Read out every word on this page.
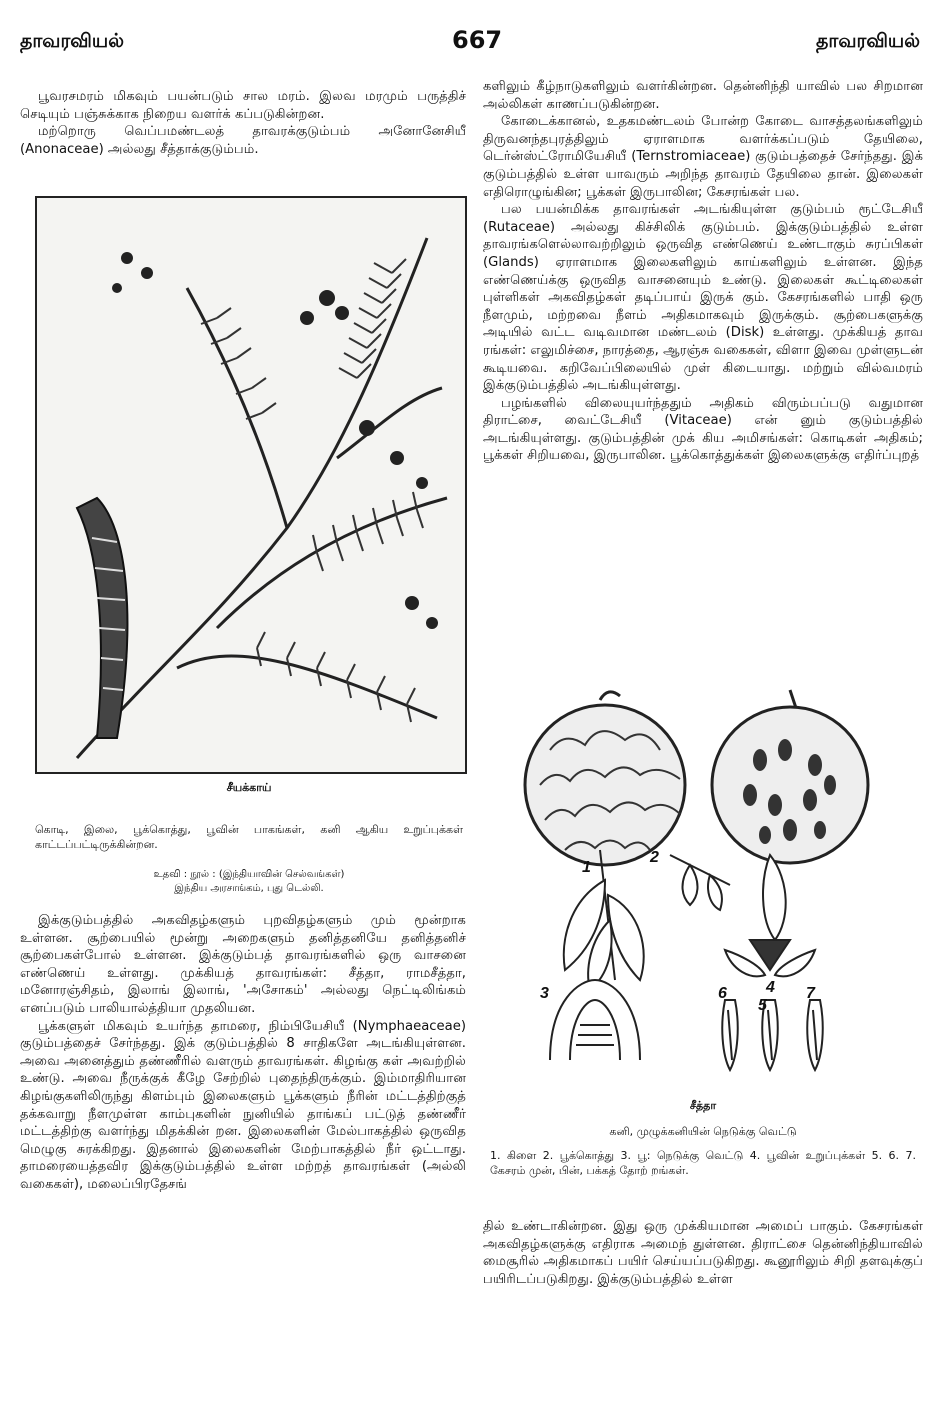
தாவரவியல்	667	தாவரவியல்

பூவரசமரம் மிகவும் பயன்படும் சால மரம். இலவ மரமும் பருத்திச் செடியும் பஞ்சுக்காக நிறைய வளர்க் கப்படுகின்றன.

மற்றொரு வெப்பமண்டலத் தாவரக்குடும்பம் அனோனேசியீ (Anonaceae) அல்லது சீத்தாக்குடும்பம்.

சீயக்காய்
கொடி, இலை, பூக்கொத்து, பூவின் பாகங்கள், கனி ஆகிய உறுப்புக்கள் காட்டப்பட்டிருக்கின்றன.
உதவி : நூல் : (இந்தியாவின் செல்வங்கள்)
இந்திய அரசாங்கம், புது டெல்லி.

இக்குடும்பத்தில் அகவிதழ்களும் புறவிதழ்களும் மும் மூன்றாக உள்ளன. சூற்பையில் மூன்று அறைகளும் தனித்தனியே தனித்தனிச் சூற்பைகள்போல் உள்ளன. இக்குடும்பத் தாவரங்களில் ஒரு வாசனை எண்ணெய் உள்ளது. முக்கியத் தாவரங்கள்: சீத்தா, ராமசீத்தா, மனோரஞ்சிதம், இலாங் இலாங், 'அசோகம்' அல்லது நெட்டிலிங்கம் எனப்படும் பாலியால்த்தியா முதலியன.

பூக்களுள் மிகவும் உயர்ந்த தாமரை, நிம்பியேசியீ (Nymphaeaceae) குடும்பத்தைச் சேர்ந்தது. இக் குடும்பத்தில் 8 சாதிகளே அடங்கியுள்ளன. அவை அனைத்தும் தண்ணீரில் வளரும் தாவரங்கள். கிழங்கு கள் அவற்றில் உண்டு. அவை நீருக்குக் கீழே சேற்றில் புதைந்திருக்கும். இம்மாதிரியான கிழங்குகளிலிருந்து கிளம்பும் இலைகளும் பூக்களும் நீரின் மட்டத்திற்குத் தக்கவாறு நீளமுள்ள காம்புகளின் நுனியில் தாங்கப் பட்டுத் தண்ணீர் மட்டத்திற்கு வளர்ந்து மிதக்கின் றன. இலைகளின் மேல்பாகத்தில் ஒருவித மெழுகு சுரக்கிறது. இதனால் இலைகளின் மேற்பாகத்தில் நீர் ஒட்டாது. தாமரையைத்தவிர இக்குடும்பத்தில் உள்ள மற்றத் தாவரங்கள் (அல்லி வகைகள்), மலைப்பிரதேசங்

களிலும் கீழ்நாடுகளிலும் வளர்கின்றன. தென்னிந்தி யாவில் பல சிறமான அல்லிகள் காணப்படுகின்றன.

கோடைக்கானல், உதகமண்டலம் போன்ற கோடை வாசத்தலங்களிலும் திருவனந்தபுரத்திலும் ஏராளமாக வளர்க்கப்படும் தேயிலை, டெர்ன்ஸ்ட்ரோமியேசியீ (Ternstromiaceae) குடும்பத்தைச் சேர்ந்தது. இக் குடும்பத்தில் உள்ள யாவரும் அறிந்த தாவரம் தேயிலை தான். இலைகள் எதிரொழுங்கின; பூக்கள் இருபாலின; கேசரங்கள் பல.

பல பயன்மிக்க தாவரங்கள் அடங்கியுள்ள குடும்பம் ரூட்டேசியீ (Rutaceae) அல்லது கிச்சிலிக் குடும்பம். இக்குடும்பத்தில் உள்ள தாவரங்களெல்லாவற்றிலும் ஒருவித எண்ணெய் உண்டாகும் சுரப்பிகள் (Glands) ஏராளமாக இலைகளிலும் காய்களிலும் உள்ளன. இந்த எண்ணெய்க்கு ஒருவித வாசனையும் உண்டு. இலைகள் கூட்டிலைகள் புள்ளிகள் அகவிதழ்கள் தடிப்பாய் இருக் கும். கேசரங்களில் பாதி ஒரு நீளமும், மற்றவை நீளம் அதிகமாகவும் இருக்கும். சூற்பைகளுக்கு அடியில் வட்ட வடிவமான மண்டலம் (Disk) உள்ளது. முக்கியத் தாவ ரங்கள்: எலுமிச்சை, நாரத்தை, ஆரஞ்சு வகைகள், விளா இவை முள்ளுடன் கூடியவை. கறிவேப்பிலையில் முள் கிடையாது. மற்றும் வில்வமரம் இக்குடும்பத்தில் அடங்கியுள்ளது.

பழங்களில் விலையுயர்ந்ததும் அதிகம் விரும்பப்படு வதுமான திராட்சை, வைட்டேசியீ (Vitaceae) என் னும் குடும்பத்தில் அடங்கியுள்ளது. குடும்பத்தின் முக் கிய அமிசங்கள்: கொடிகள் அதிகம்; பூக்கள் சிறியவை, இருபாலின. பூக்கொத்துக்கள் இலைகளுக்கு எதிர்ப்புறத்

1
2
3	4
5
6	7
சீத்தா
கனி, முழுக்கனியின் நெடுக்கு வெட்டு
1. கிளை 2. பூக்கொத்து 3. பூ: நெடுக்கு வெட்டு 4. பூவின் உறுப்புக்கள் 5. 6. 7. கேசரம் முன், பின், பக்கத் தோற் றங்கள்.

தில் உண்டாகின்றன. இது ஒரு முக்கியமான அமைப் பாகும். கேசரங்கள் அகவிதழ்களுக்கு எதிராக அமைந் துள்ளன. திராட்சை தென்னிந்தியாவில் மைசூரில் அதிகமாகப் பயிர் செய்யப்படுகிறது. கூனூரிலும் சிறி தளவுக்குப் பயிரிடப்படுகிறது. இக்குடும்பத்தில் உள்ள
